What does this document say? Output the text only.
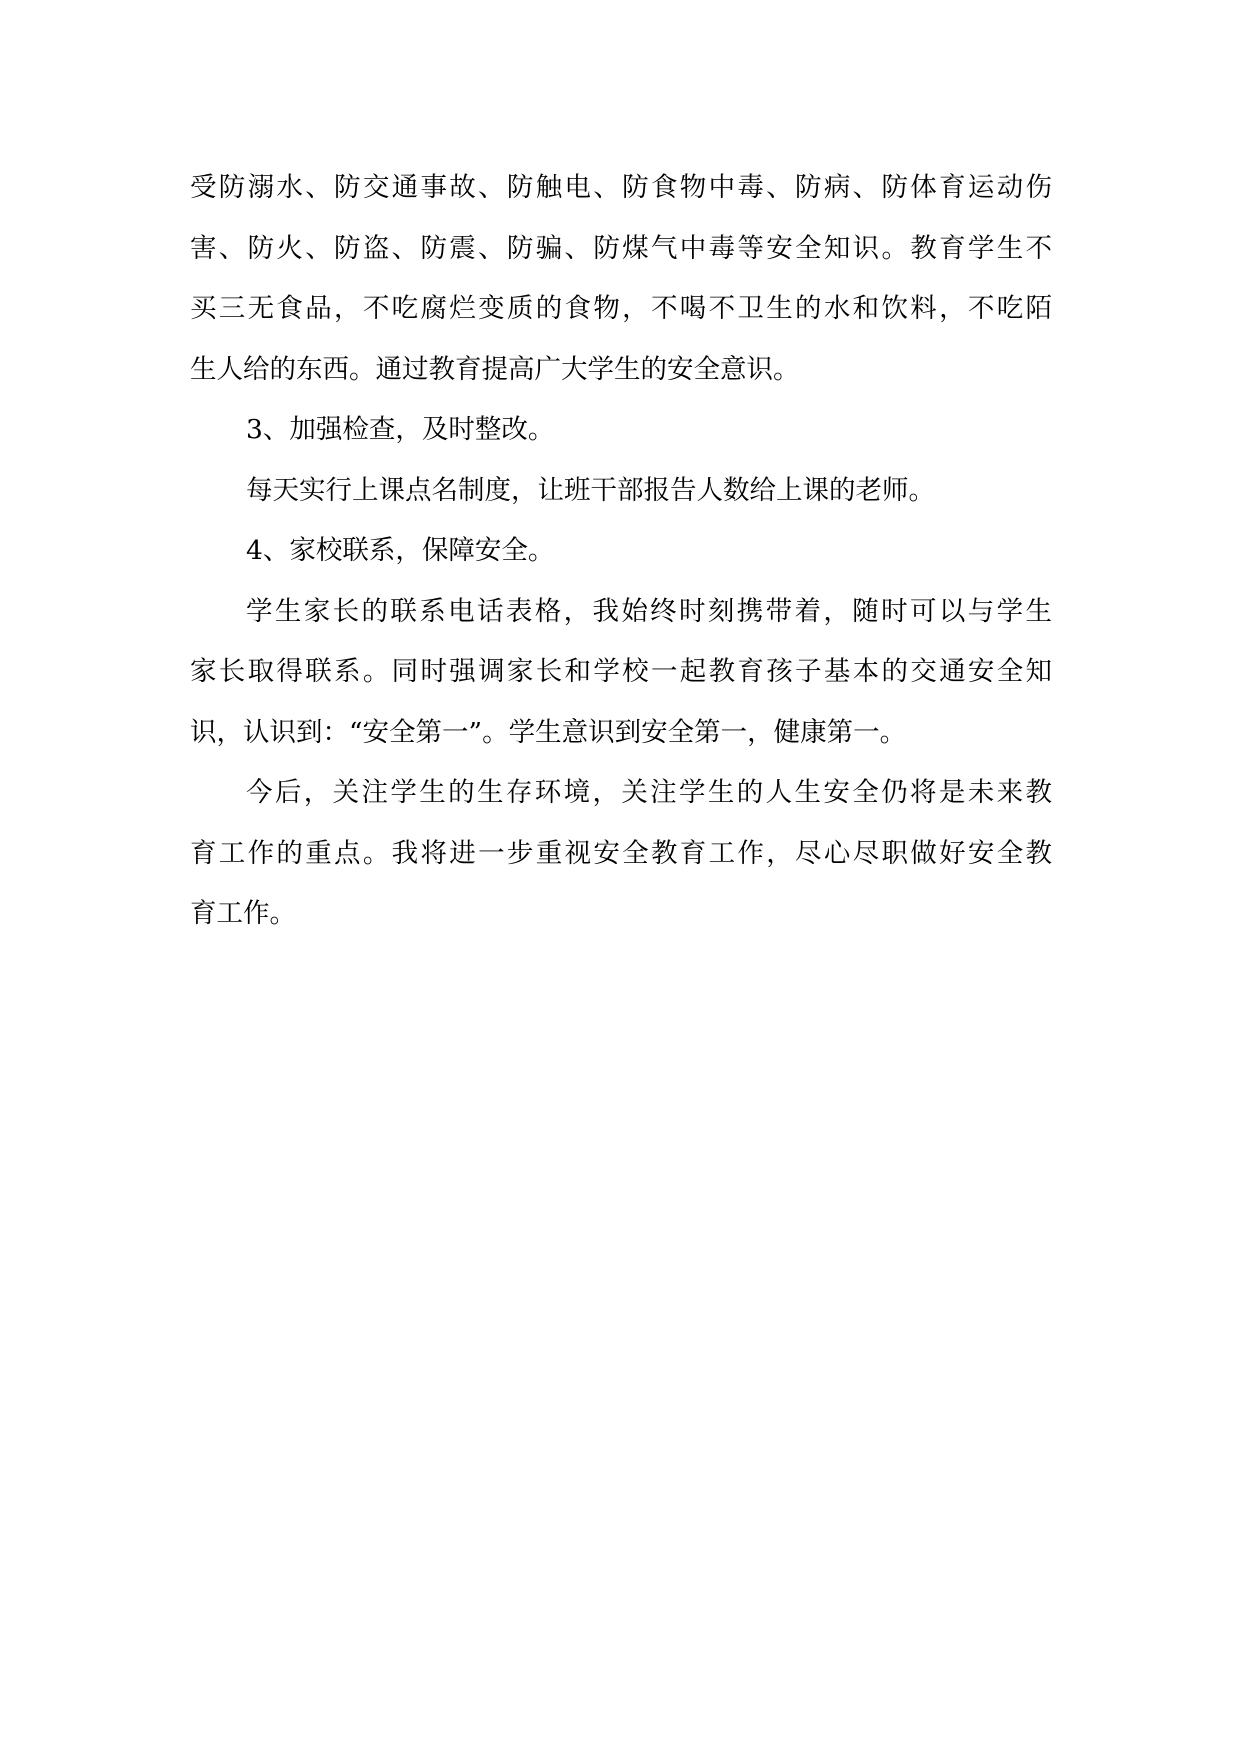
受防溺水、防交通事故、防触电、防食物中毒、防病、防体育运动伤
害、防火、防盗、防震、防骗、防煤气中毒等安全知识。教育学生不
买三无食品，不吃腐烂变质的食物，不喝不卫生的水和饮料，不吃陌
生人给的东西。通过教育提高广大学生的安全意识。
3、加强检查，及时整改。
每天实行上课点名制度，让班干部报告人数给上课的老师。
4、家校联系，保障安全。
学生家长的联系电话表格，我始终时刻携带着，随时可以与学生
家长取得联系。同时强调家长和学校一起教育孩子基本的交通安全知
识，认识到：“安全第一”。学生意识到安全第一，健康第一。
今后，关注学生的生存环境，关注学生的人生安全仍将是未来教
育工作的重点。我将进一步重视安全教育工作，尽心尽职做好安全教
育工作。
